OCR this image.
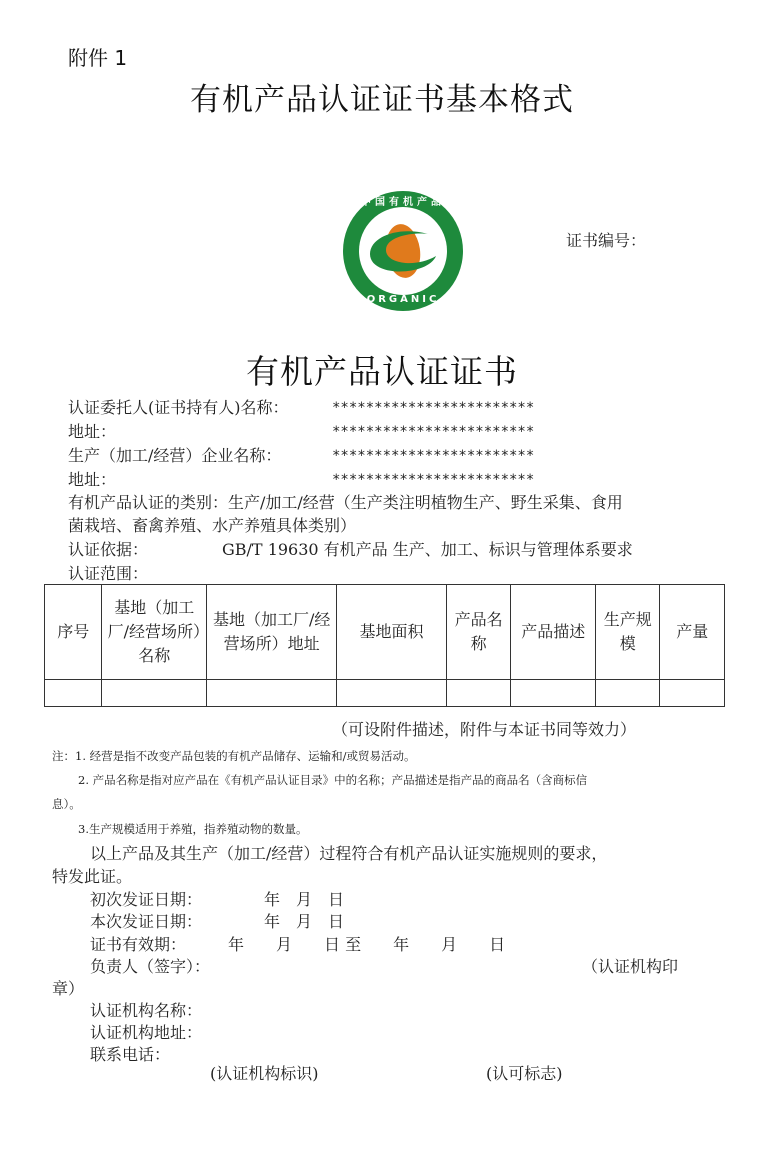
附件 1
有机产品认证证书基本格式
ORGANIC
中国有机产品
证书编号：
有机产品认证证书
认证委托人(证书持有人)名称：	************************
地址：	************************
生产（加工/经营）企业名称：	************************
地址：	************************
有机产品认证的类别：生产/加工/经营（生产类注明植物生产、野生采集、食用
菌栽培、畜禽养殖、水产养殖具体类别）
认证依据：	GB/T 19630 有机产品 生产、加工、标识与管理体系要求
认证范围：
序号	基地（加工厂/经营场所）名称	基地（加工厂/经营场所）地址	基地面积	产品名称	产品描述	生产规模	产量

（可设附件描述，附件与本证书同等效力）
注：1. 经营是指不改变产品包装的有机产品储存、运输和/或贸易活动。
2. 产品名称是指对应产品在《有机产品认证目录》中的名称；产品描述是指产品的商品名（含商标信
息）。
3.生产规模适用于养殖，指养殖动物的数量。
以上产品及其生产（加工/经营）过程符合有机产品认证实施规则的要求，
特发此证。
初次发证日期：	年　月　日
本次发证日期：	年　月　日
证书有效期：	年　　月　　日 至　　年　　月　　日
负责人（签字）：	（认证机构印
章）
认证机构名称：
认证机构地址：
联系电话：
(认证机构标识)	(认可标志)
